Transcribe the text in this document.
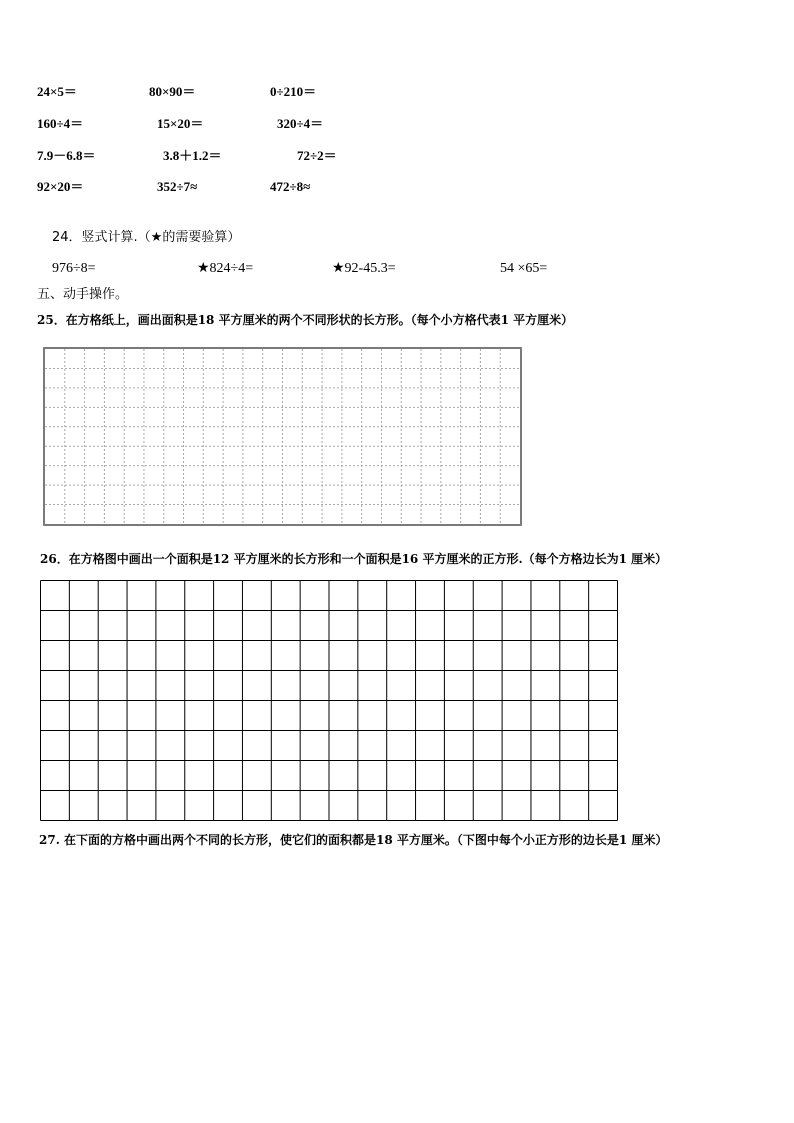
24×5＝	80×90＝	0÷210＝
160÷4＝	15×20＝	320÷4＝
7.9－6.8＝	3.8＋1.2＝	72÷2＝
92×20＝	352÷7≈	472÷8≈
24．竖式计算.（★的需要验算）
976÷8=	★824÷4=	★92-45.3=	54 ×65=
五、动手操作。
25．在方格纸上，画出面积是18 平方厘米的两个不同形状的长方形。（每个小方格代表1 平方厘米）
26．在方格图中画出一个面积是12 平方厘米的长方形和一个面积是16 平方厘米的正方形.（每个方格边长为1 厘米）
27. 在下面的方格中画出两个不同的长方形，使它们的面积都是18 平方厘米。（下图中每个小正方形的边长是1 厘米）
